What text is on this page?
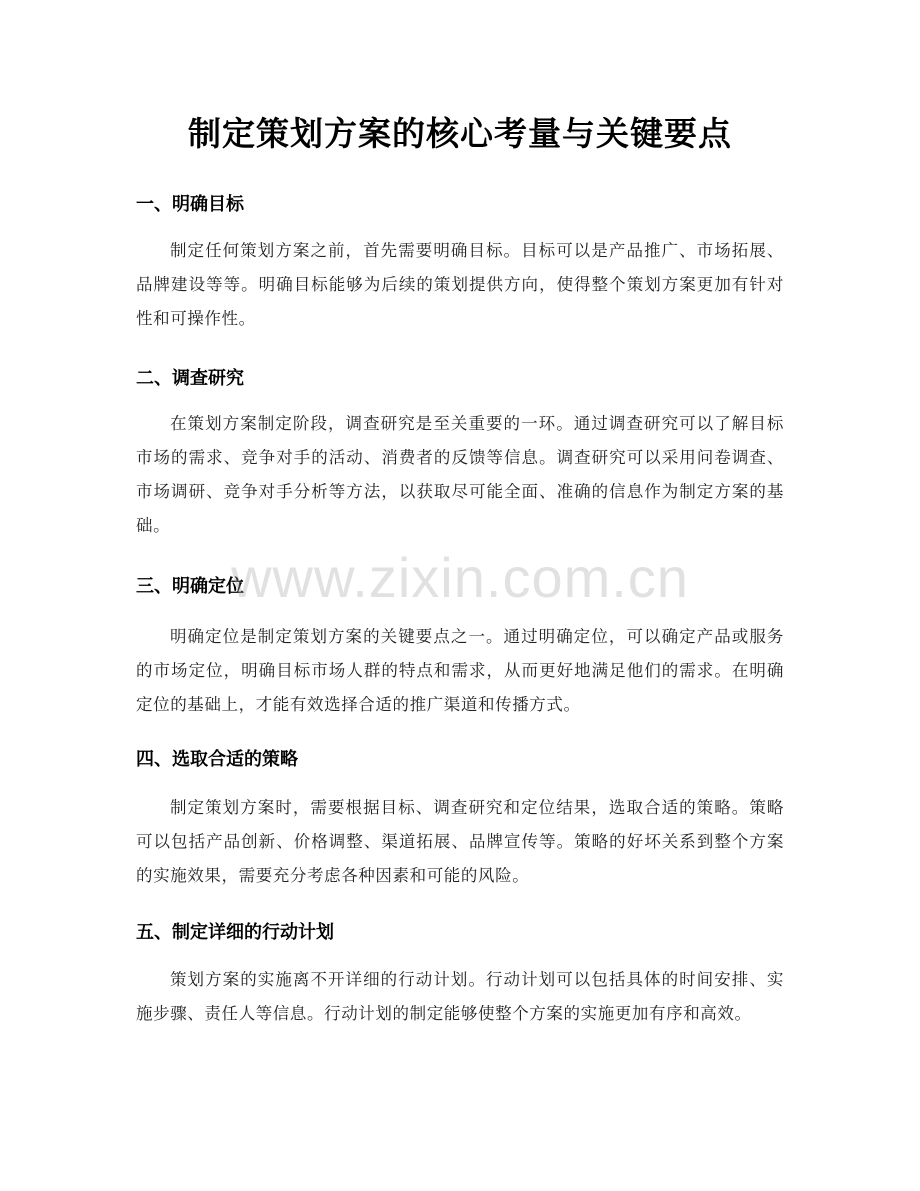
制定策划方案的核心考量与关键要点
一、明确目标
制定任何策划方案之前，首先需要明确目标。目标可以是产品推广、市场拓展、品牌建设等等。明确目标能够为后续的策划提供方向，使得整个策划方案更加有针对性和可操作性。
二、调查研究
在策划方案制定阶段，调查研究是至关重要的一环。通过调查研究可以了解目标市场的需求、竞争对手的活动、消费者的反馈等信息。调查研究可以采用问卷调查、市场调研、竞争对手分析等方法，以获取尽可能全面、准确的信息作为制定方案的基础。
三、明确定位
明确定位是制定策划方案的关键要点之一。通过明确定位，可以确定产品或服务的市场定位，明确目标市场人群的特点和需求，从而更好地满足他们的需求。在明确定位的基础上，才能有效选择合适的推广渠道和传播方式。
四、选取合适的策略
制定策划方案时，需要根据目标、调查研究和定位结果，选取合适的策略。策略可以包括产品创新、价格调整、渠道拓展、品牌宣传等。策略的好坏关系到整个方案的实施效果，需要充分考虑各种因素和可能的风险。
五、制定详细的行动计划
策划方案的实施离不开详细的行动计划。行动计划可以包括具体的时间安排、实施步骤、责任人等信息。行动计划的制定能够使整个方案的实施更加有序和高效。
www.zixin.com.cn
